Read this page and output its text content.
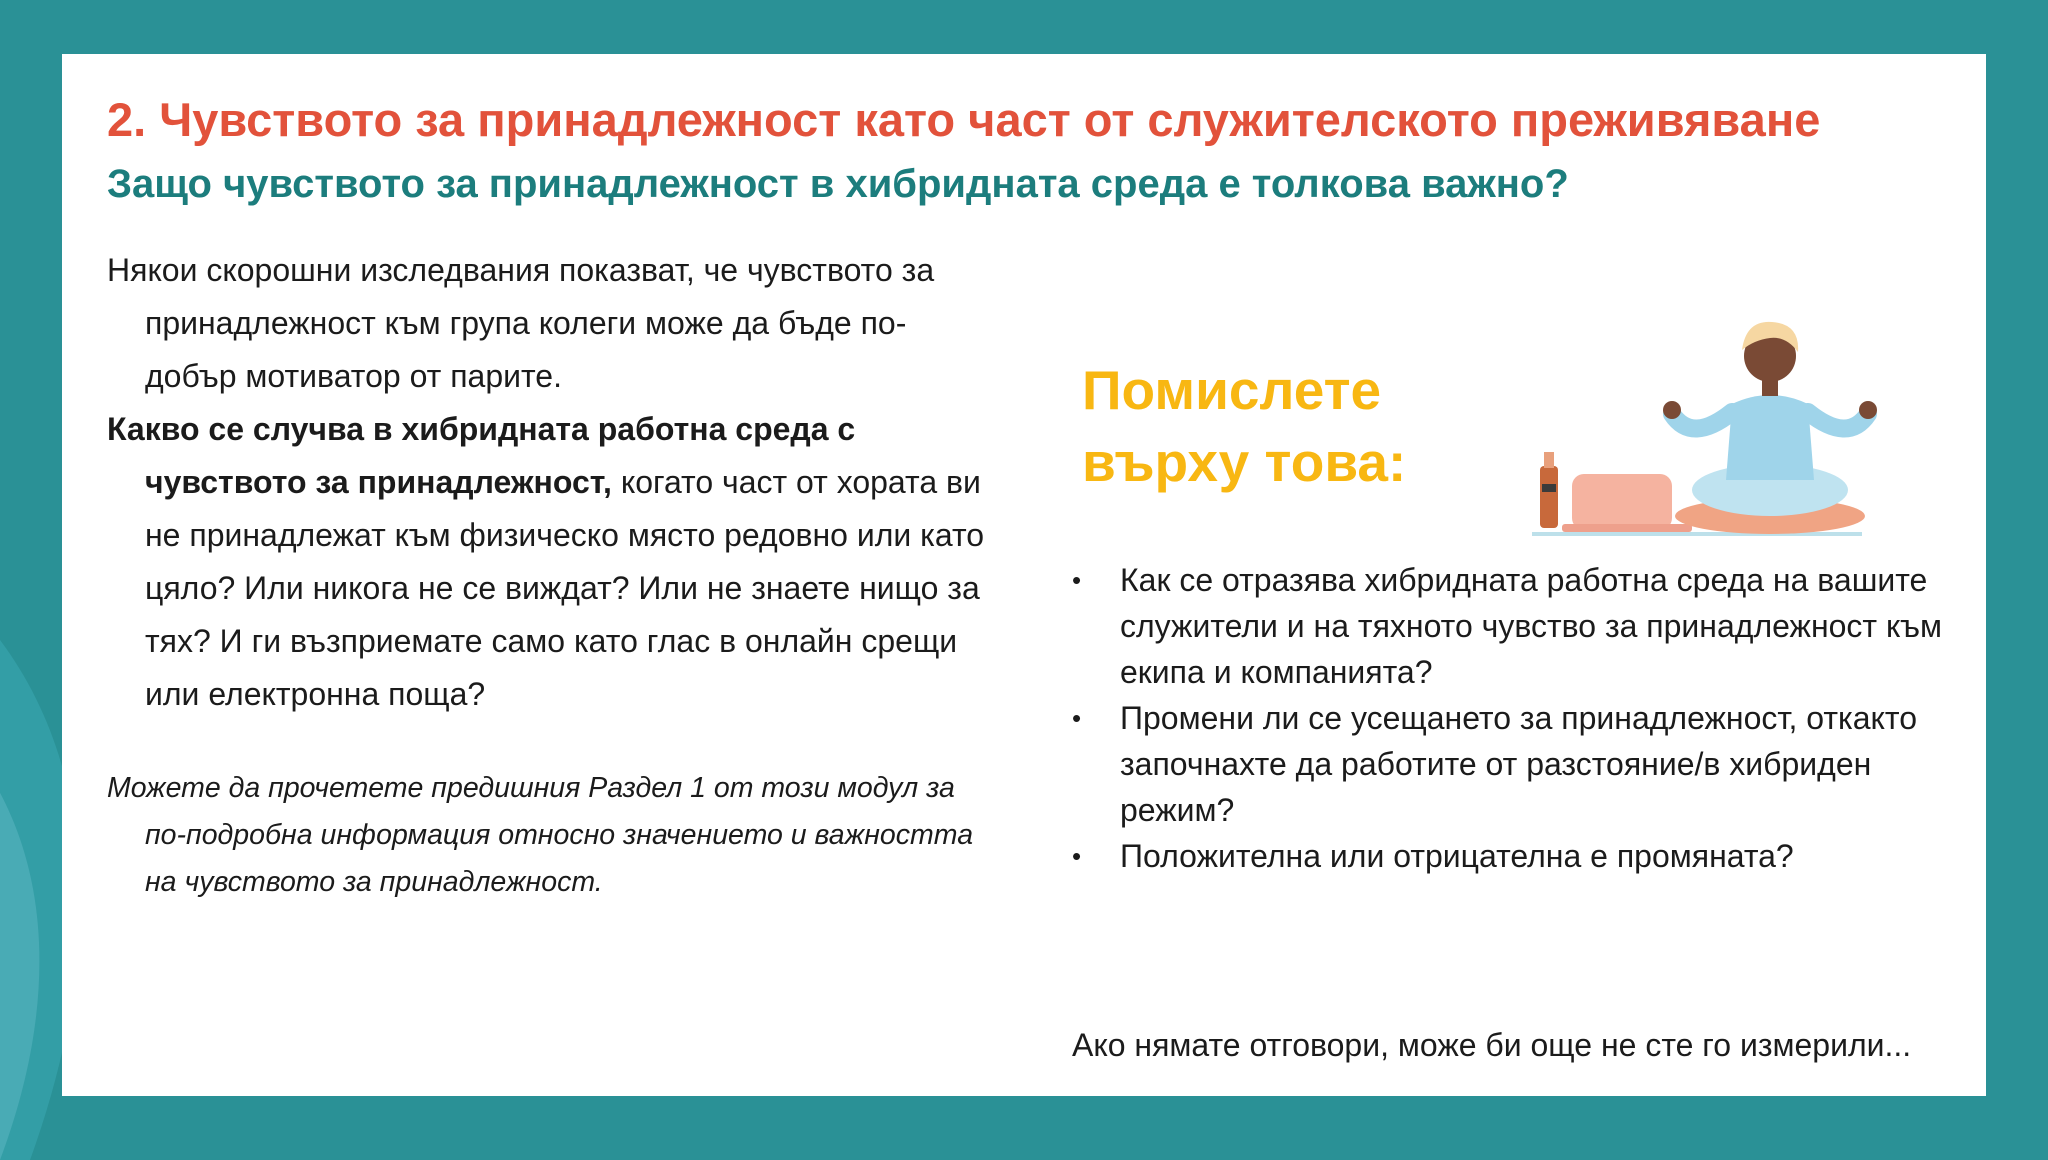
2. Чувството за принадлежност като част от служителското преживяване
Защо чувството за принадлежност в хибридната среда е толкова важно?

Някои скорошни изследвания показват, че чувството за принадлежност към група колеги може да бъде по-добър мотиватор от парите.

Какво се случва в хибридната работна среда с чувството за принадлежност, когато част от хората ви не принадлежат към физическо място редовно или като цяло? Или никога не се виждат? Или не знаете нищо за тях? И ги възприемате само като глас в онлайн срещи или електронна поща?

Можете да прочетете предишния Раздел 1 от този модул за по-подробна информация относно значението и важността на чувството за принадлежност.

Помислете
върху това:
• Как се отразява хибридната работна среда на вашите служители и на тяхното чувство за принадлежност към екипа и компанията?
• Промени ли се усещането за принадлежност, откакто започнахте да работите от разстояние/в хибриден режим?
• Положителна или отрицателна е промяната?

Ако нямате отговори, може би още не сте го измерили...
